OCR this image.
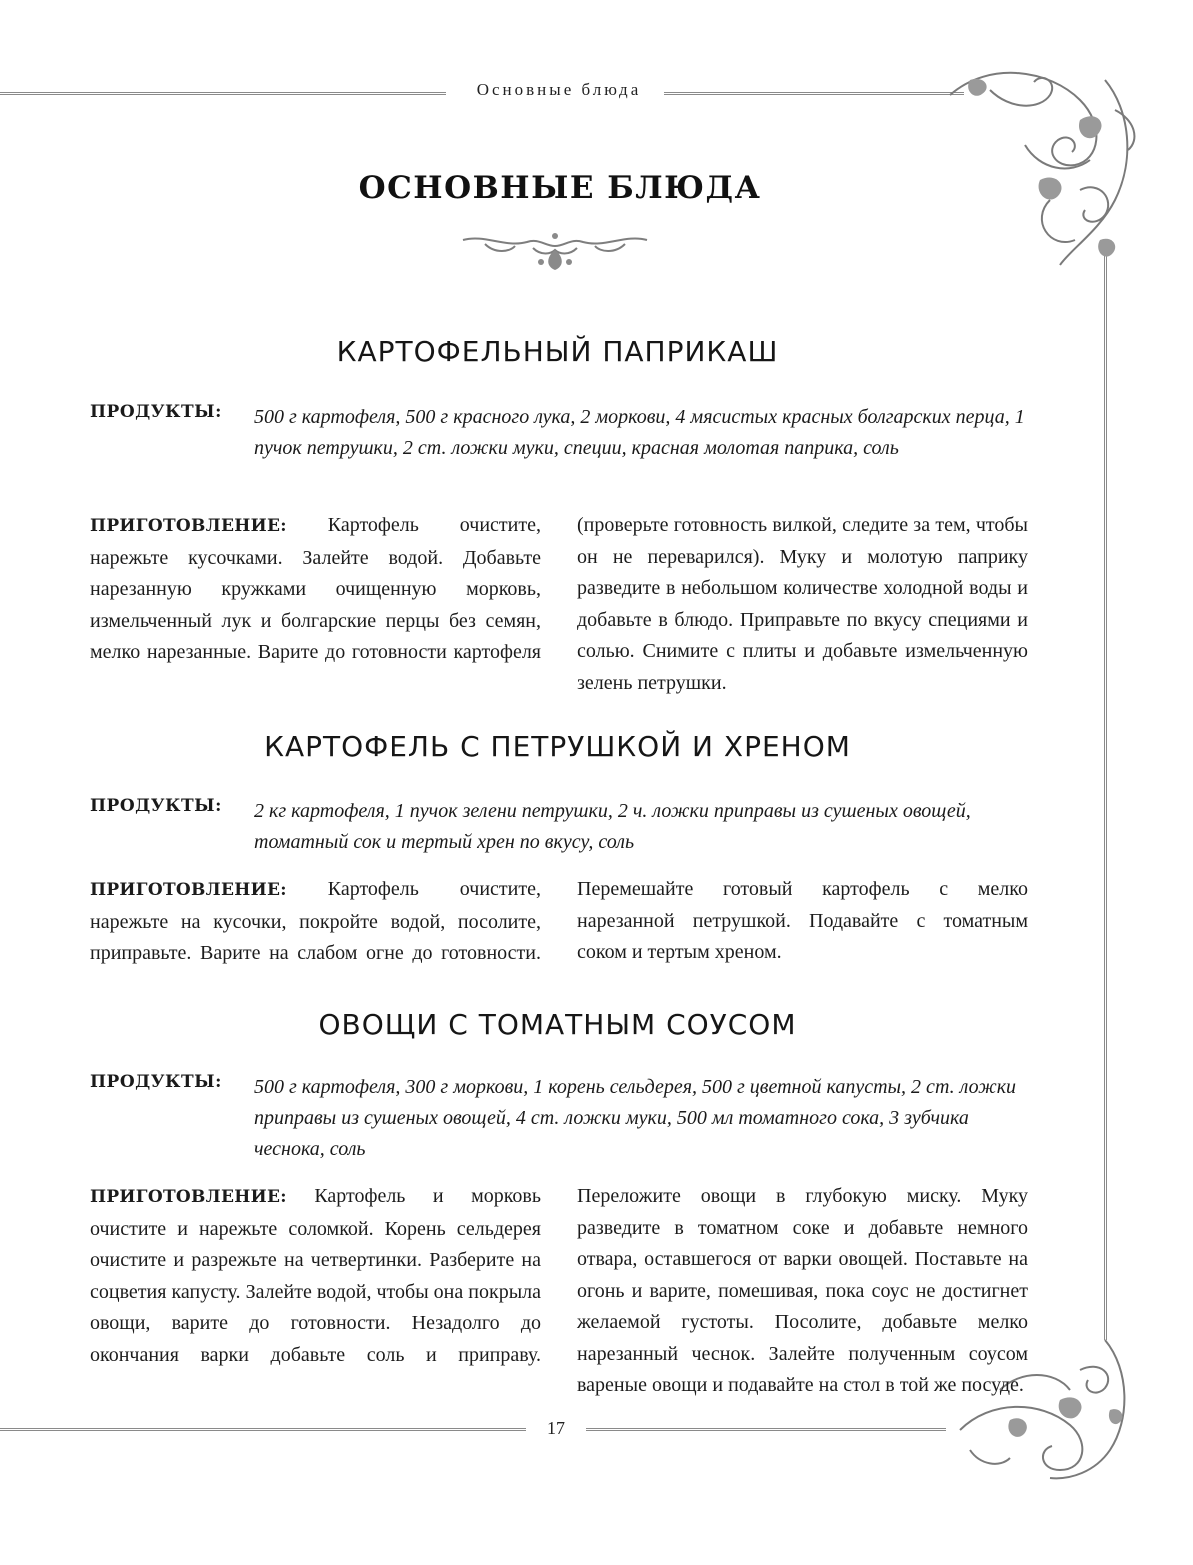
Основные блюда
17
ОСНОВНЫЕ БЛЮДА
КАРТОФЕЛЬНЫЙ ПАПРИКАШ
ПРОДУКТЫ: 500 г картофеля, 500 г красного лука, 2 моркови, 4 мясистых красных болгарских перца, 1 пучок петрушки, 2 ст. ложки муки, специи, красная молотая паприка, соль
ПРИГОТОВЛЕНИЕ: Картофель очистите, нарежьте кусочками. Залейте водой. Добавьте нарезанную кружками очищенную морковь, измельченный лук и болгарские перцы без семян, мелко нарезанные. Варите до готовности картофеля (проверьте готовность вилкой, следите за тем, чтобы он не переварился). Муку и молотую паприку разведите в небольшом количестве холодной воды и добавьте в блюдо. Приправьте по вкусу специями и солью. Снимите с плиты и добавьте измельченную зелень петрушки.
КАРТОФЕЛЬ С ПЕТРУШКОЙ И ХРЕНОМ
ПРОДУКТЫ: 2 кг картофеля, 1 пучок зелени петрушки, 2 ч. ложки приправы из сушеных овощей, томатный сок и тертый хрен по вкусу, соль
ПРИГОТОВЛЕНИЕ: Картофель очистите, нарежьте на кусочки, покройте водой, посолите, приправьте. Варите на слабом огне до готовности. Перемешайте готовый картофель с мелко нарезанной петрушкой. Подавайте с томатным соком и тертым хреном.
ОВОЩИ С ТОМАТНЫМ СОУСОМ
ПРОДУКТЫ: 500 г картофеля, 300 г моркови, 1 корень сельдерея, 500 г цветной капусты, 2 ст. ложки приправы из сушеных овощей, 4 ст. ложки муки, 500 мл томатного сока, 3 зубчика чеснока, соль
ПРИГОТОВЛЕНИЕ: Картофель и морковь очистите и нарежьте соломкой. Корень сельдерея очистите и разрежьте на четвертинки. Разберите на соцветия капусту. Залейте водой, чтобы она покрыла овощи, варите до готовности. Незадолго до окончания варки добавьте соль и приправу. Переложите овощи в глубокую миску. Муку разведите в томатном соке и добавьте немного отвара, оставшегося от варки овощей. Поставьте на огонь и варите, помешивая, пока соус не достигнет желаемой густоты. Посолите, добавьте мелко нарезанный чеснок. Залейте полученным соусом вареные овощи и подавайте на стол в той же посуде.
